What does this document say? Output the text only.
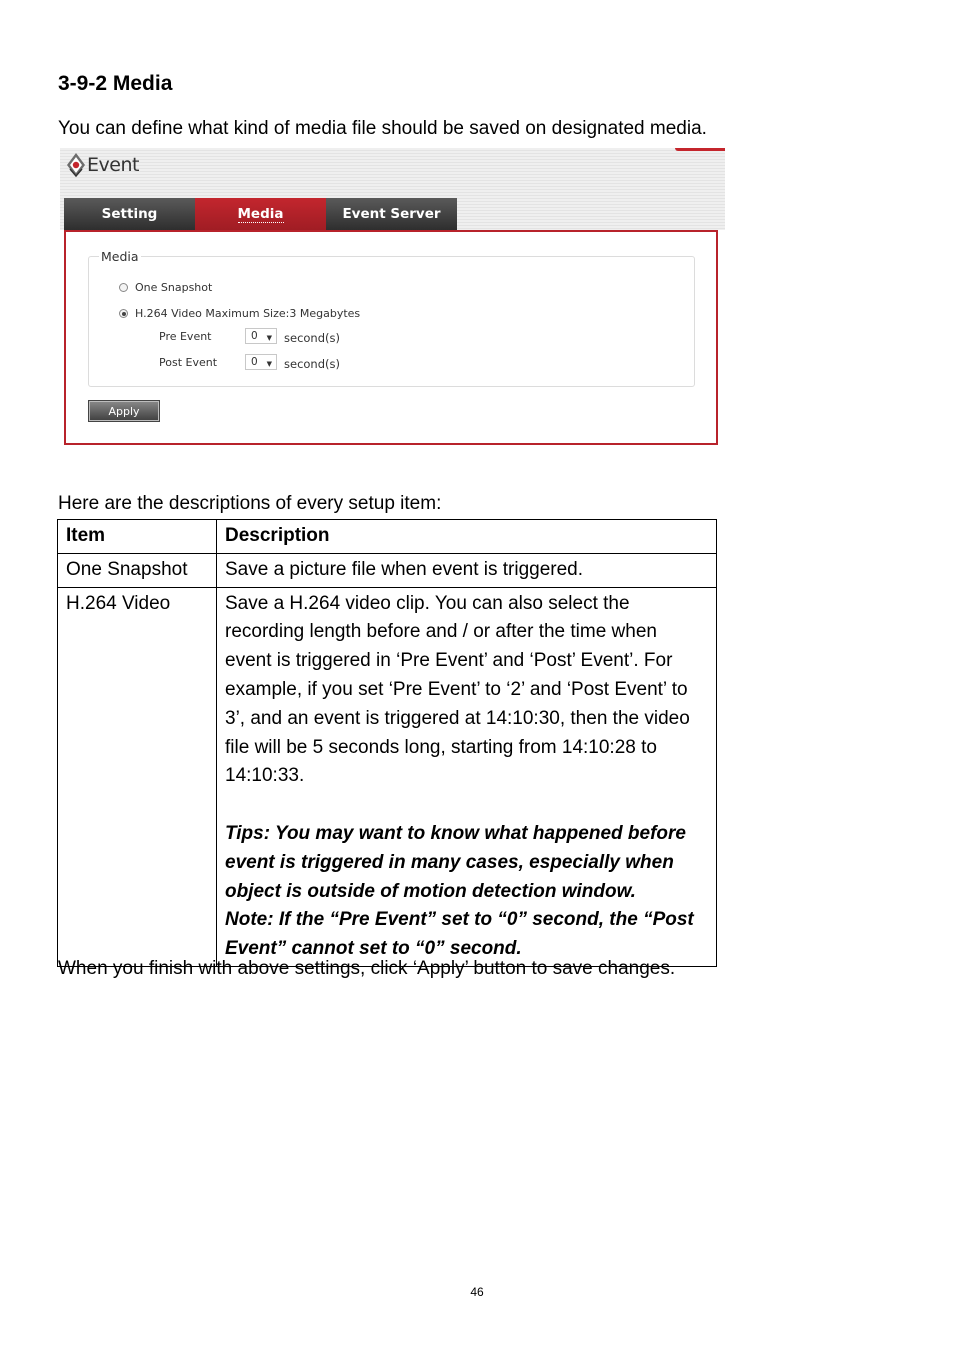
3-9-2 Media

You can define what kind of media file should be saved on designated media.

Event
Setting	Media	Event Server
Media
One Snapshot
H.264 Video Maximum Size:3 Megabytes
Pre Event	0 ▼ second(s)
Post Event	0 ▼ second(s)
Apply

Here are the descriptions of every setup item:

Item	Description
One Snapshot	Save a picture file when event is triggered.
H.264 Video	Save a H.264 video clip. You can also select the recording length before and / or after the time when event is triggered in ‘Pre Event’ and ‘Post’ Event’. For example, if you set ‘Pre Event’ to ‘2’ and ‘Post Event’ to 3’, and an event is triggered at 14:10:30, then the video file will be 5 seconds long, starting from 14:10:28 to 14:10:33.

Tips: You may want to know what happened before event is triggered in many cases, especially when object is outside of motion detection window.
Note: If the “Pre Event” set to “0” second, the “Post Event” cannot set to “0” second.

When you finish with above settings, click ‘Apply’ button to save changes.

46
